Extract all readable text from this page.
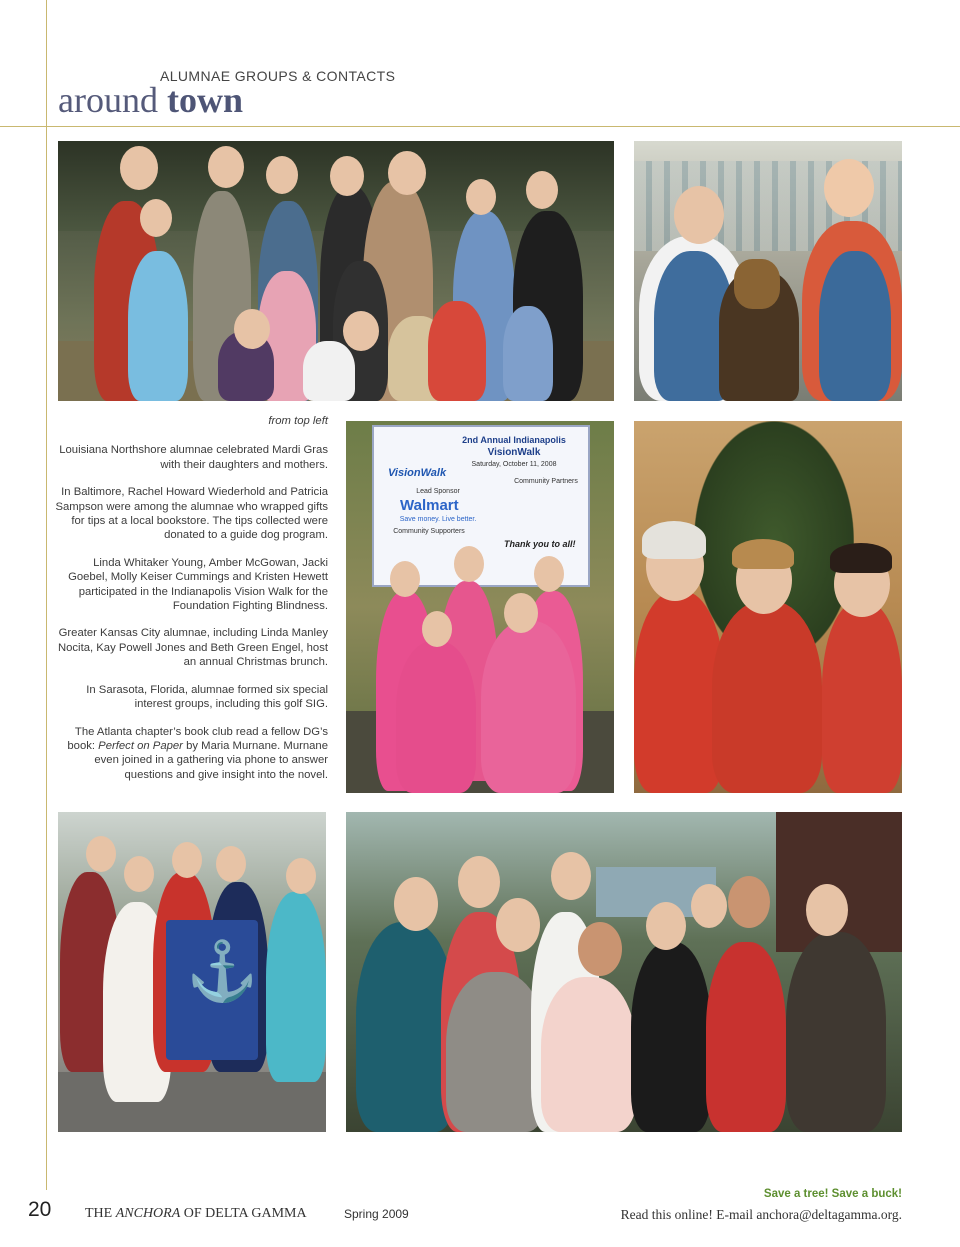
ALUMNAE GROUPS & CONTACTS
around town

from top left

Louisiana Northshore alumnae celebrated Mardi Gras with their daughters and mothers.

In Baltimore, Rachel Howard Wiederhold and Patricia Sampson were among the alumnae who wrapped gifts for tips at a local bookstore. The tips collected were donated to a guide dog program.

Linda Whitaker Young, Amber McGowan, Jacki Goebel, Molly Keiser Cummings and Kristen Hewett participated in the Indianapolis Vision Walk for the Foundation Fighting Blindness.

Greater Kansas City alumnae, including Linda Manley Nocita, Kay Powell Jones and Beth Green Engel, host an annual Christmas brunch.

In Sarasota, Florida, alumnae formed six special interest groups, including this golf SIG.

The Atlanta chapter’s book club read a fellow DG’s book: Perfect on Paper by Maria Murnane. Murnane even joined in a gathering via phone to answer questions and give insight into the novel.

2nd Annual Indianapolis
VisionWalk
Saturday, October 11, 2008
VisionWalk
Lead Sponsor
Walmart
Save money. Live better.
Community Partners
Community Supporters
Thank you to all!
⚓
20 THE ANCHORA OF DELTA GAMMA	Spring 2009
Save a tree! Save a buck!
Read this online! E-mail anchora@deltagamma.org.
